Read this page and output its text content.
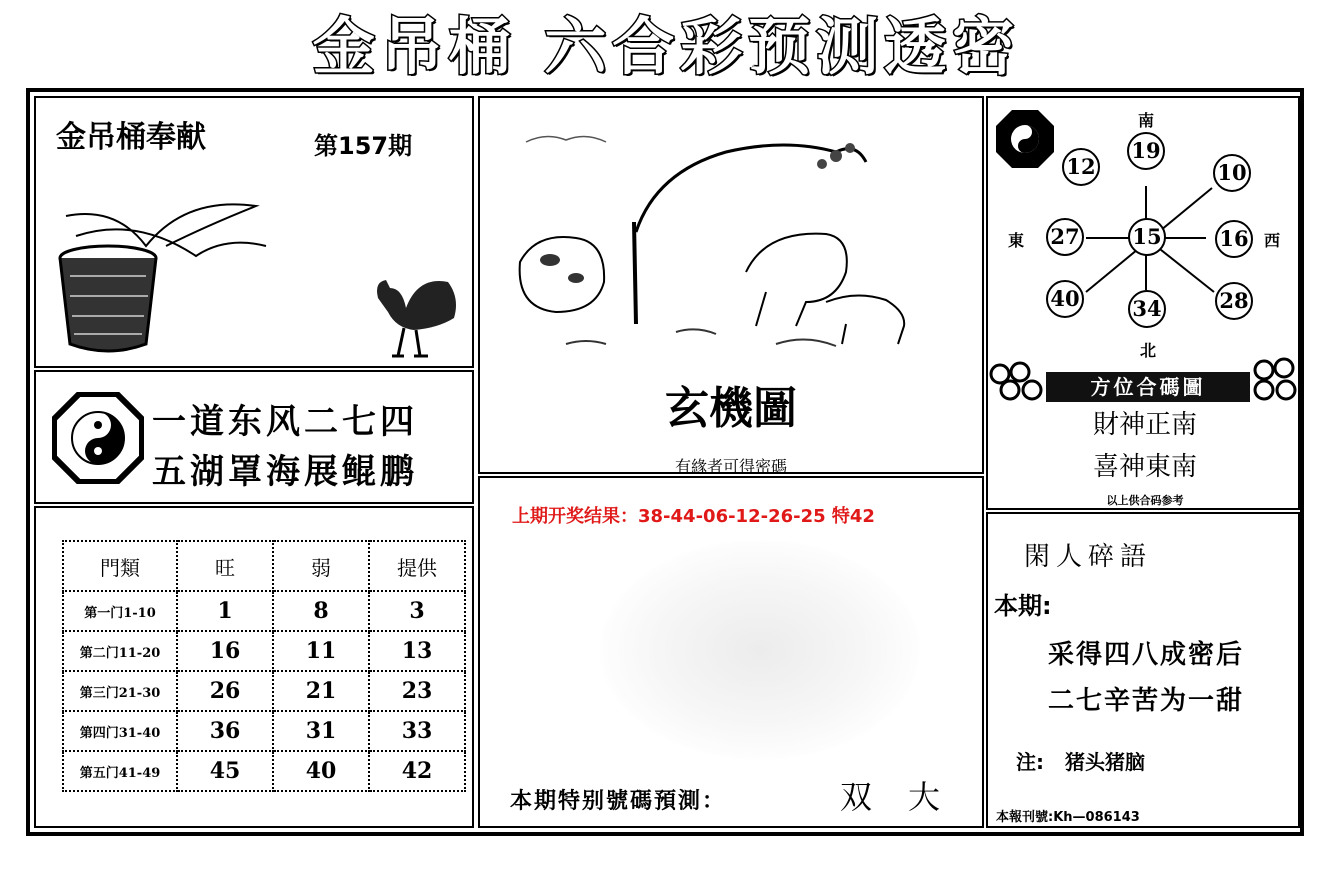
金吊桶 六合彩预测透密
金吊桶奉献	第157期
一道东风二七四
五湖罩海展鲲鹏
門類	旺	弱	提供
第一门1-10	1	8	3
第二门11-20	16	11	13
第三门21-30	26	21	23
第四门31-40	36	31	33
第五门41-49	45	40	42
玄機圖
有緣者可得密碼
上期开奖结果：38-44-06-12-26-25 特42
本期特别號碼預測：	双大
南
北
東	西
19
12	10
27	15	16
40	34	28
方位合碼圖
財神正南
喜神東南
以上供合码参考
閑人碎語
本期:
采得四八成密后
二七辛苦为一甜
注: 猪头猪脑
本報刊號:Kh—086143
